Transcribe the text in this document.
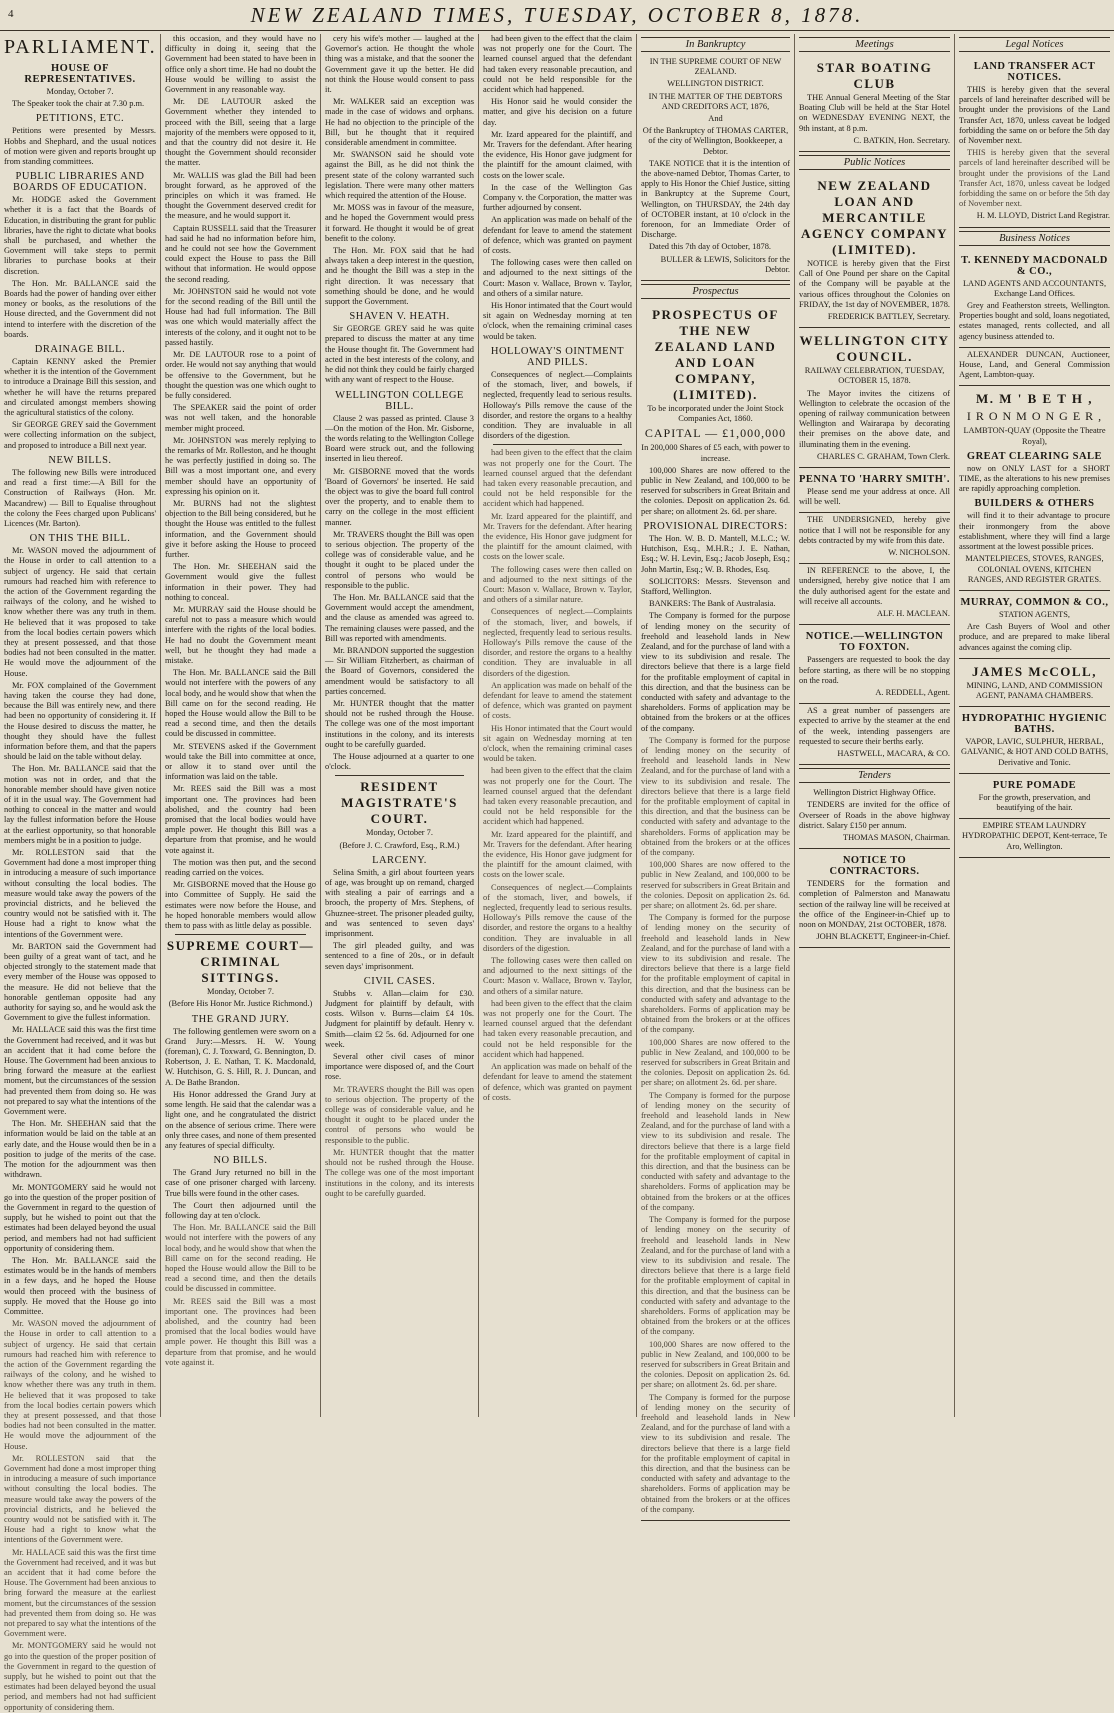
4	NEW ZEALAND TIMES, TUESDAY, OCTOBER 8, 1878.
PARLIAMENT.
HOUSE OF REPRESENTATIVES.

Monday, October 7.

The Speaker took the chair at 7.30 p.m.

PETITIONS, ETC.

Petitions were presented by Messrs. Hobbs and Shephard, and the usual notices of motion were given and reports brought up from standing committees.

PUBLIC LIBRARIES AND BOARDS OF EDUCATION.

Mr. HODGE asked the Government whether it is a fact that the Boards of Education, in distributing the grant for public libraries, have the right to dictate what books shall be purchased, and whether the Government will take steps to permit libraries to purchase books at their discretion.

The Hon. Mr. BALLANCE said the Boards had the power of handing over either money or books, as the resolutions of the House directed, and the Government did not intend to interfere with the discretion of the boards.

DRAINAGE BILL.

Captain KENNY asked the Premier whether it is the intention of the Government to introduce a Drainage Bill this session, and whether he will have the returns prepared and circulated amongst members showing the agricultural statistics of the colony.

Sir GEORGE GREY said the Government were collecting information on the subject, and proposed to introduce a Bill next year.

NEW BILLS.

The following new Bills were introduced and read a first time:—A Bill for the Construction of Railways (Hon. Mr. Macandrew) — Bill to Equalise throughout the colony the Fees charged upon Publicans' Licences (Mr. Barton).

ON THIS THE BILL.

Mr. WASON moved the adjournment of the House in order to call attention to a subject of urgency. He said that certain rumours had reached him with reference to the action of the Government regarding the railways of the colony, and he wished to know whether there was any truth in them. He believed that it was proposed to take from the local bodies certain powers which they at present possessed, and that those bodies had not been consulted in the matter. He would move the adjournment of the House.

Mr. FOX complained of the Government having taken the course they had done, because the Bill was entirely new, and there had been no opportunity of considering it. If the House desired to discuss the matter, he thought they should have the fullest information before them, and that the papers should be laid on the table without delay.

The Hon. Mr. BALLANCE said that the motion was not in order, and that the honorable member should have given notice of it in the usual way. The Government had nothing to conceal in the matter and would lay the fullest information before the House at the earliest opportunity, so that honorable members might be in a position to judge.

Mr. ROLLESTON said that the Government had done a most improper thing in introducing a measure of such importance without consulting the local bodies. The measure would take away the powers of the provincial districts, and he believed the country would not be satisfied with it. The House had a right to know what the intentions of the Government were.

Mr. BARTON said the Government had been guilty of a great want of tact, and he objected strongly to the statement made that every member of the House was opposed to the measure. He did not believe that the honorable gentleman opposite had any authority for saying so, and he would ask the Government to give the fullest information.

Mr. HALLACE said this was the first time the Government had received, and it was but an accident that it had come before the House. The Government had been anxious to bring forward the measure at the earliest moment, but the circumstances of the session had prevented them from doing so. He was not prepared to say what the intentions of the Government were.

The Hon. Mr. SHEEHAN said that the information would be laid on the table at an early date, and the House would then be in a position to judge of the merits of the case. The motion for the adjournment was then withdrawn.

Mr. MONTGOMERY said he would not go into the question of the proper position of the Government in regard to the question of supply, but he wished to point out that the estimates had been delayed beyond the usual period, and members had not had sufficient opportunity of considering them.

The Hon. Mr. BALLANCE said the estimates would be in the hands of members in a few days, and he hoped the House would then proceed with the business of supply. He moved that the House go into Committee.

Mr. WASON moved the adjournment of the House in order to call attention to a subject of urgency. He said that certain rumours had reached him with reference to the action of the Government regarding the railways of the colony, and he wished to know whether there was any truth in them. He believed that it was proposed to take from the local bodies certain powers which they at present possessed, and that those bodies had not been consulted in the matter. He would move the adjournment of the House.

Mr. ROLLESTON said that the Government had done a most improper thing in introducing a measure of such importance without consulting the local bodies. The measure would take away the powers of the provincial districts, and he believed the country would not be satisfied with it. The House had a right to know what the intentions of the Government were.

Mr. HALLACE said this was the first time the Government had received, and it was but an accident that it had come before the House. The Government had been anxious to bring forward the measure at the earliest moment, but the circumstances of the session had prevented them from doing so. He was not prepared to say what the intentions of the Government were.

Mr. MONTGOMERY said he would not go into the question of the proper position of the Government in regard to the question of supply, but he wished to point out that the estimates had been delayed beyond the usual period, and members had not had sufficient opportunity of considering them.

this occasion, and they would have no difficulty in doing it, seeing that the Government had been stated to have been in office only a short time. He had no doubt the House would be willing to assist the Government in any reasonable way.

Mr. DE LAUTOUR asked the Government whether they intended to proceed with the Bill, seeing that a large majority of the members were opposed to it, and that the country did not desire it. He thought the Government should reconsider the matter.

Mr. WALLIS was glad the Bill had been brought forward, as he approved of the principles on which it was framed. He thought the Government deserved credit for the measure, and he would support it.

Captain RUSSELL said that the Treasurer had said he had no information before him, and he could not see how the Government could expect the House to pass the Bill without that information. He would oppose the second reading.

Mr. JOHNSTON said he would not vote for the second reading of the Bill until the House had had full information. The Bill was one which would materially affect the interests of the colony, and it ought not to be passed hastily.

Mr. DE LAUTOUR rose to a point of order. He would not say anything that would be offensive to the Government, but he thought the question was one which ought to be fully considered.

The SPEAKER said the point of order was not well taken, and the honorable member might proceed.

Mr. JOHNSTON was merely replying to the remarks of Mr. Rolleston, and he thought he was perfectly justified in doing so. The Bill was a most important one, and every member should have an opportunity of expressing his opinion on it.

Mr. BURNS had not the slightest objection to the Bill being considered, but he thought the House was entitled to the fullest information, and the Government should give it before asking the House to proceed further.

The Hon. Mr. SHEEHAN said the Government would give the fullest information in their power. They had nothing to conceal.

Mr. MURRAY said the House should be careful not to pass a measure which would interfere with the rights of the local bodies. He had no doubt the Government meant well, but he thought they had made a mistake.

The Hon. Mr. BALLANCE said the Bill would not interfere with the powers of any local body, and he would show that when the Bill came on for the second reading. He hoped the House would allow the Bill to be read a second time, and then the details could be discussed in committee.

Mr. STEVENS asked if the Government would take the Bill into committee at once, or allow it to stand over until the information was laid on the table.

Mr. REES said the Bill was a most important one. The provinces had been abolished, and the country had been promised that the local bodies would have ample power. He thought this Bill was a departure from that promise, and he would vote against it.

The motion was then put, and the second reading carried on the voices.

Mr. GISBORNE moved that the House go into Committee of Supply. He said the estimates were now before the House, and he hoped honorable members would allow them to pass with as little delay as possible.

SUPREME COURT—CRIMINAL SITTINGS.

Monday, October 7.

(Before His Honor Mr. Justice Richmond.)

THE GRAND JURY.

The following gentlemen were sworn on a Grand Jury:—Messrs. H. W. Young (foreman), C. J. Toxward, G. Bennington, D. Robertson, J. E. Nathan, T. K. Macdonald, W. Hutchison, G. S. Hill, R. J. Duncan, and A. De Bathe Brandon.

His Honor addressed the Grand Jury at some length. He said that the calendar was a light one, and he congratulated the district on the absence of serious crime. There were only three cases, and none of them presented any features of special difficulty.

NO BILLS.

The Grand Jury returned no bill in the case of one prisoner charged with larceny. True bills were found in the other cases.

The Court then adjourned until the following day at ten o'clock.

The Hon. Mr. BALLANCE said the Bill would not interfere with the powers of any local body, and he would show that when the Bill came on for the second reading. He hoped the House would allow the Bill to be read a second time, and then the details could be discussed in committee.

Mr. REES said the Bill was a most important one. The provinces had been abolished, and the country had been promised that the local bodies would have ample power. He thought this Bill was a departure from that promise, and he would vote against it.

cery his wife's mother — laughed at the Governor's action. He thought the whole thing was a mistake, and that the sooner the Government gave it up the better. He did not think the House would consent to pass it.

Mr. WALKER said an exception was made in the case of widows and orphans. He had no objection to the principle of the Bill, but he thought that it required considerable amendment in committee.

Mr. SWANSON said he should vote against the Bill, as he did not think the present state of the colony warranted such legislation. There were many other matters which required the attention of the House.

Mr. MOSS was in favour of the measure, and he hoped the Government would press it forward. He thought it would be of great benefit to the colony.

The Hon. Mr. FOX said that he had always taken a deep interest in the question, and he thought the Bill was a step in the right direction. It was necessary that something should be done, and he would support the Government.

SHAVEN V. HEATH.

Sir GEORGE GREY said he was quite prepared to discuss the matter at any time the House thought fit. The Government had acted in the best interests of the colony, and he did not think they could be fairly charged with any want of respect to the House.

WELLINGTON COLLEGE BILL.

Clause 2 was passed as printed. Clause 3—On the motion of the Hon. Mr. Gisborne, the words relating to the Wellington College Board were struck out, and the following inserted in lieu thereof.

Mr. GISBORNE moved that the words 'Board of Governors' be inserted. He said the object was to give the board full control over the property, and to enable them to carry on the college in the most efficient manner.

Mr. TRAVERS thought the Bill was open to serious objection. The property of the college was of considerable value, and he thought it ought to be placed under the control of persons who would be responsible to the public.

The Hon. Mr. BALLANCE said that the Government would accept the amendment, and the clause as amended was agreed to. The remaining clauses were passed, and the Bill was reported with amendments.

Mr. BRANDON supported the suggestion — Sir William Fitzherbert, as chairman of the Board of Governors, considered the amendment would be satisfactory to all parties concerned.

Mr. HUNTER thought that the matter should not be rushed through the House. The college was one of the most important institutions in the colony, and its interests ought to be carefully guarded.

The House adjourned at a quarter to one o'clock.

RESIDENT MAGISTRATE'S COURT.

Monday, October 7.

(Before J. C. Crawford, Esq., R.M.)

LARCENY.

Selina Smith, a girl about fourteen years of age, was brought up on remand, charged with stealing a pair of earrings and a brooch, the property of Mrs. Stephens, of Ghuznee-street. The prisoner pleaded guilty, and was sentenced to seven days' imprisonment.

The girl pleaded guilty, and was sentenced to a fine of 20s., or in default seven days' imprisonment.

CIVIL CASES.

Stubbs v. Allan—claim for £30. Judgment for plaintiff by default, with costs. Wilson v. Burns—claim £4 10s. Judgment for plaintiff by default. Henry v. Smith—claim £2 5s. 6d. Adjourned for one week.

Several other civil cases of minor importance were disposed of, and the Court rose.

Mr. TRAVERS thought the Bill was open to serious objection. The property of the college was of considerable value, and he thought it ought to be placed under the control of persons who would be responsible to the public.

Mr. HUNTER thought that the matter should not be rushed through the House. The college was one of the most important institutions in the colony, and its interests ought to be carefully guarded.

had been given to the effect that the claim was not properly one for the Court. The learned counsel argued that the defendant had taken every reasonable precaution, and could not be held responsible for the accident which had happened.

His Honor said he would consider the matter, and give his decision on a future day.

Mr. Izard appeared for the plaintiff, and Mr. Travers for the defendant. After hearing the evidence, His Honor gave judgment for the plaintiff for the amount claimed, with costs on the lower scale.

In the case of the Wellington Gas Company v. the Corporation, the matter was further adjourned by consent.

An application was made on behalf of the defendant for leave to amend the statement of defence, which was granted on payment of costs.

The following cases were then called on and adjourned to the next sittings of the Court: Mason v. Wallace, Brown v. Taylor, and others of a similar nature.

His Honor intimated that the Court would sit again on Wednesday morning at ten o'clock, when the remaining criminal cases would be taken.

HOLLOWAY'S OINTMENT AND PILLS.

Consequences of neglect.—Complaints of the stomach, liver, and bowels, if neglected, frequently lead to serious results. Holloway's Pills remove the cause of the disorder, and restore the organs to a healthy condition. They are invaluable in all disorders of the digestion.

had been given to the effect that the claim was not properly one for the Court. The learned counsel argued that the defendant had taken every reasonable precaution, and could not be held responsible for the accident which had happened.

Mr. Izard appeared for the plaintiff, and Mr. Travers for the defendant. After hearing the evidence, His Honor gave judgment for the plaintiff for the amount claimed, with costs on the lower scale.

The following cases were then called on and adjourned to the next sittings of the Court: Mason v. Wallace, Brown v. Taylor, and others of a similar nature.

Consequences of neglect.—Complaints of the stomach, liver, and bowels, if neglected, frequently lead to serious results. Holloway's Pills remove the cause of the disorder, and restore the organs to a healthy condition. They are invaluable in all disorders of the digestion.

An application was made on behalf of the defendant for leave to amend the statement of defence, which was granted on payment of costs.

His Honor intimated that the Court would sit again on Wednesday morning at ten o'clock, when the remaining criminal cases would be taken.

had been given to the effect that the claim was not properly one for the Court. The learned counsel argued that the defendant had taken every reasonable precaution, and could not be held responsible for the accident which had happened.

Mr. Izard appeared for the plaintiff, and Mr. Travers for the defendant. After hearing the evidence, His Honor gave judgment for the plaintiff for the amount claimed, with costs on the lower scale.

Consequences of neglect.—Complaints of the stomach, liver, and bowels, if neglected, frequently lead to serious results. Holloway's Pills remove the cause of the disorder, and restore the organs to a healthy condition. They are invaluable in all disorders of the digestion.

The following cases were then called on and adjourned to the next sittings of the Court: Mason v. Wallace, Brown v. Taylor, and others of a similar nature.

had been given to the effect that the claim was not properly one for the Court. The learned counsel argued that the defendant had taken every reasonable precaution, and could not be held responsible for the accident which had happened.

An application was made on behalf of the defendant for leave to amend the statement of defence, which was granted on payment of costs.

In Bankruptcy

IN THE SUPREME COURT OF NEW ZEALAND.

WELLINGTON DISTRICT.

IN THE MATTER OF THE DEBTORS AND CREDITORS ACT, 1876,

And

Of the Bankruptcy of THOMAS CARTER, of the city of Wellington, Bookkeeper, a Debtor.

TAKE NOTICE that it is the intention of the above-named Debtor, Thomas Carter, to apply to His Honor the Chief Justice, sitting in Bankruptcy at the Supreme Court, Wellington, on THURSDAY, the 24th day of OCTOBER instant, at 10 o'clock in the forenoon, for an Immediate Order of Discharge.

Dated this 7th day of October, 1878.

BULLER & LEWIS, Solicitors for the Debtor.

Prospectus
PROSPECTUS OF THE NEW ZEALAND LAND AND LOAN COMPANY, (LIMITED).

To be incorporated under the Joint Stock Companies Act, 1860.

CAPITAL — £1,000,000

In 200,000 Shares of £5 each, with power to increase.

100,000 Shares are now offered to the public in New Zealand, and 100,000 to be reserved for subscribers in Great Britain and the colonies. Deposit on application 2s. 6d. per share; on allotment 2s. 6d. per share.

PROVISIONAL DIRECTORS:

The Hon. W. B. D. Mantell, M.L.C.; W. Hutchison, Esq., M.H.R.; J. E. Nathan, Esq.; W. H. Levin, Esq.; Jacob Joseph, Esq.; John Martin, Esq.; W. B. Rhodes, Esq.

SOLICITORS: Messrs. Stevenson and Stafford, Wellington.

BANKERS: The Bank of Australasia.

The Company is formed for the purpose of lending money on the security of freehold and leasehold lands in New Zealand, and for the purchase of land with a view to its subdivision and resale. The directors believe that there is a large field for the profitable employment of capital in this direction, and that the business can be conducted with safety and advantage to the shareholders. Forms of application may be obtained from the brokers or at the offices of the company.

The Company is formed for the purpose of lending money on the security of freehold and leasehold lands in New Zealand, and for the purchase of land with a view to its subdivision and resale. The directors believe that there is a large field for the profitable employment of capital in this direction, and that the business can be conducted with safety and advantage to the shareholders. Forms of application may be obtained from the brokers or at the offices of the company.

100,000 Shares are now offered to the public in New Zealand, and 100,000 to be reserved for subscribers in Great Britain and the colonies. Deposit on application 2s. 6d. per share; on allotment 2s. 6d. per share.

The Company is formed for the purpose of lending money on the security of freehold and leasehold lands in New Zealand, and for the purchase of land with a view to its subdivision and resale. The directors believe that there is a large field for the profitable employment of capital in this direction, and that the business can be conducted with safety and advantage to the shareholders. Forms of application may be obtained from the brokers or at the offices of the company.

100,000 Shares are now offered to the public in New Zealand, and 100,000 to be reserved for subscribers in Great Britain and the colonies. Deposit on application 2s. 6d. per share; on allotment 2s. 6d. per share.

The Company is formed for the purpose of lending money on the security of freehold and leasehold lands in New Zealand, and for the purchase of land with a view to its subdivision and resale. The directors believe that there is a large field for the profitable employment of capital in this direction, and that the business can be conducted with safety and advantage to the shareholders. Forms of application may be obtained from the brokers or at the offices of the company.

The Company is formed for the purpose of lending money on the security of freehold and leasehold lands in New Zealand, and for the purchase of land with a view to its subdivision and resale. The directors believe that there is a large field for the profitable employment of capital in this direction, and that the business can be conducted with safety and advantage to the shareholders. Forms of application may be obtained from the brokers or at the offices of the company.

100,000 Shares are now offered to the public in New Zealand, and 100,000 to be reserved for subscribers in Great Britain and the colonies. Deposit on application 2s. 6d. per share; on allotment 2s. 6d. per share.

The Company is formed for the purpose of lending money on the security of freehold and leasehold lands in New Zealand, and for the purchase of land with a view to its subdivision and resale. The directors believe that there is a large field for the profitable employment of capital in this direction, and that the business can be conducted with safety and advantage to the shareholders. Forms of application may be obtained from the brokers or at the offices of the company.

Meetings
STAR BOATING CLUB

THE Annual General Meeting of the Star Boating Club will be held at the Star Hotel on WEDNESDAY EVENING NEXT, the 9th instant, at 8 p.m.

C. BATKIN, Hon. Secretary.

Public Notices
NEW ZEALAND LOAN AND MERCANTILE AGENCY COMPANY (LIMITED).

NOTICE is hereby given that the First Call of One Pound per share on the Capital of the Company will be payable at the various offices throughout the Colonies on FRIDAY, the 1st day of NOVEMBER, 1878.

FREDERICK BATTLEY, Secretary.

WELLINGTON CITY COUNCIL.

RAILWAY CELEBRATION, TUESDAY, OCTOBER 15, 1878.

The Mayor invites the citizens of Wellington to celebrate the occasion of the opening of railway communication between Wellington and Wairarapa by decorating their premises on the above date, and illuminating them in the evening.

CHARLES C. GRAHAM, Town Clerk.

PENNA TO 'HARRY SMITH'.

Please send me your address at once. All will be well.

THE UNDERSIGNED, hereby give notice that I will not be responsible for any debts contracted by my wife from this date.

W. NICHOLSON.

IN REFERENCE to the above, I, the undersigned, hereby give notice that I am the duly authorised agent for the estate and will receive all accounts.

ALF. H. MACLEAN.

NOTICE.—WELLINGTON TO FOXTON.

Passengers are requested to book the day before starting, as there will be no stopping on the road.

A. REDDELL, Agent.

AS a great number of passengers are expected to arrive by the steamer at the end of the week, intending passengers are requested to secure their berths early.

HASTWELL, MACARA, & CO.

Tenders

Wellington District Highway Office.

TENDERS are invited for the office of Overseer of Roads in the above highway district. Salary £150 per annum.

THOMAS MASON, Chairman.

NOTICE TO CONTRACTORS.

TENDERS for the formation and completion of Palmerston and Manawatu section of the railway line will be received at the office of the Engineer-in-Chief up to noon on MONDAY, 21st OCTOBER, 1878.

JOHN BLACKETT, Engineer-in-Chief.

Legal Notices
LAND TRANSFER ACT NOTICES.

THIS is hereby given that the several parcels of land hereinafter described will be brought under the provisions of the Land Transfer Act, 1870, unless caveat be lodged forbidding the same on or before the 5th day of November next.

THIS is hereby given that the several parcels of land hereinafter described will be brought under the provisions of the Land Transfer Act, 1870, unless caveat be lodged forbidding the same on or before the 5th day of November next.

H. M. LLOYD, District Land Registrar.

Business Notices
T. KENNEDY MACDONALD & CO.,

LAND AGENTS AND ACCOUNTANTS, Exchange Land Offices.

Grey and Featherston streets, Wellington. Properties bought and sold, loans negotiated, estates managed, rents collected, and all agency business attended to.

ALEXANDER DUNCAN, Auctioneer, House, Land, and General Commission Agent, Lambton-quay.

M. M ' B E T H ,
I R O N M O N G E R ,

LAMBTON-QUAY (Opposite the Theatre Royal),

GREAT CLEARING SALE

now on ONLY LAST for a SHORT TIME, as the alterations to his new premises are rapidly approaching completion.

BUILDERS & OTHERS

will find it to their advantage to procure their ironmongery from the above establishment, where they will find a large assortment at the lowest possible prices.

MANTELPIECES, STOVES, RANGES, COLONIAL OVENS, KITCHEN RANGES, AND REGISTER GRATES.

MURRAY, COMMON & CO.,

STATION AGENTS,

Are Cash Buyers of Wool and other produce, and are prepared to make liberal advances against the coming clip.

JAMES McCOLL,

MINING, LAND, AND COMMISSION AGENT, PANAMA CHAMBERS.

HYDROPATHIC HYGIENIC BATHS.

VAPOR, LAVIC, SULPHUR, HERBAL, GALVANIC, & HOT AND COLD BATHS, Derivative and Tonic.

PURE POMADE

For the growth, preservation, and beautifying of the hair.

EMPIRE STEAM LAUNDRY HYDROPATHIC DEPOT, Kent-terrace, Te Aro, Wellington.
